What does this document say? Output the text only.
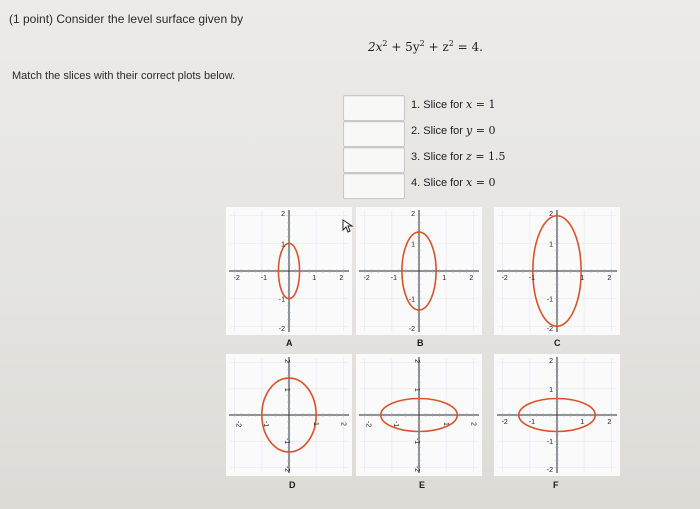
(1 point) Consider the level surface given by
$2x^2 + 5y^2 + z^2 = 4$.
Match the slices with their correct plots below.
1. Slice for x = 1
2. Slice for y = 0
3. Slice for z = 1.5
4. Slice for x = 0
-2	-1	1	2
2
1
-1
-2
-2	-1	1	2
2
1
-1
-2
-2	-1	1	2
2
1
-1
-2
-2	-1	1	2
2
1
-1
-2
-2	-1	1	2
2
1
-1
-2
-2	-1	1	2
2
1
-1
-2
A	B	C
D	E	F
